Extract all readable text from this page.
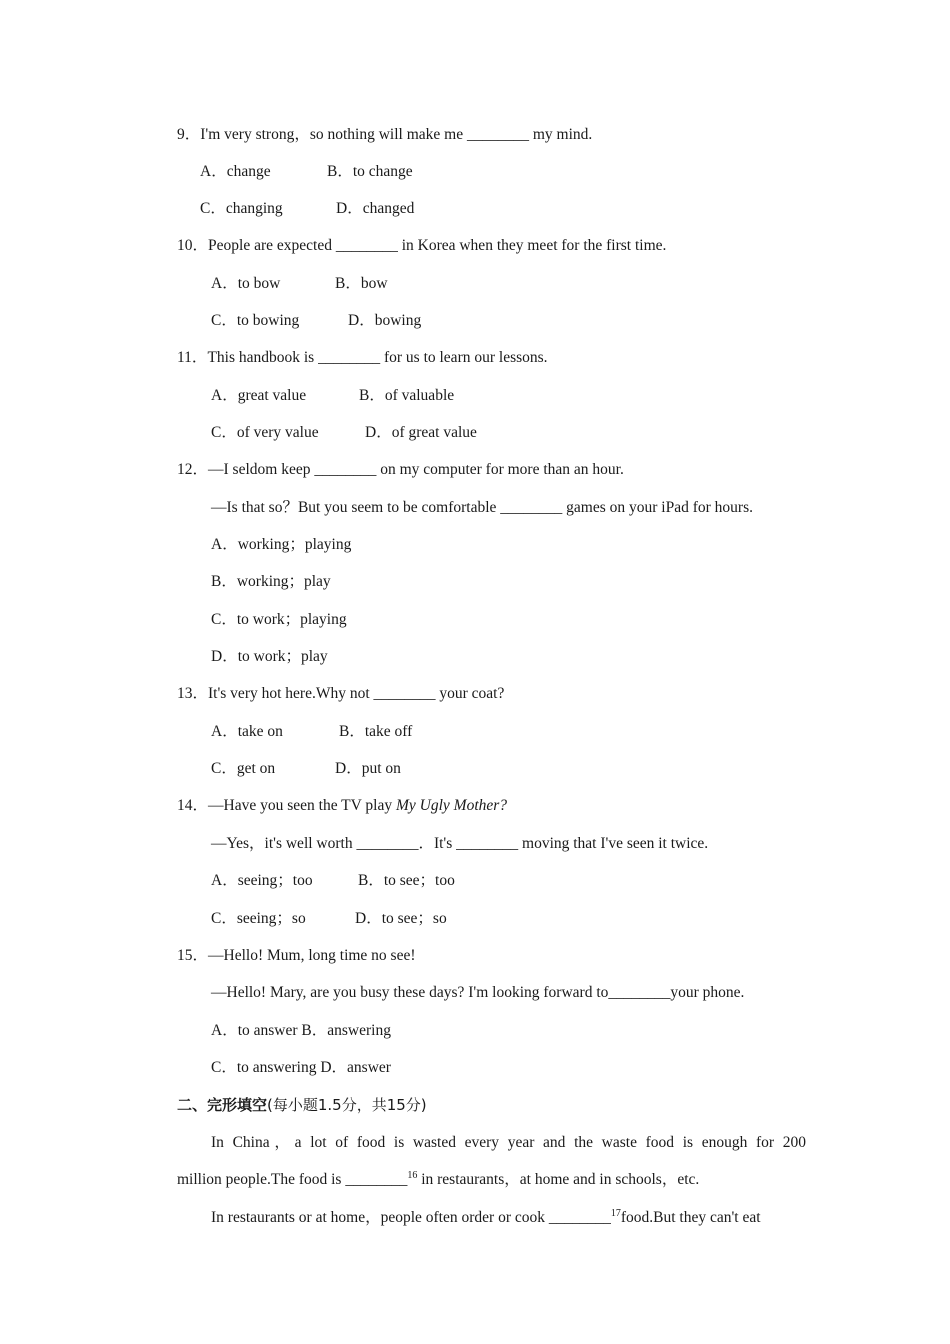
9．I'm very strong，so nothing will make me ________ my mind.
A．change	B．to change
C．changing	D．changed
10．People are expected ________ in Korea when they meet for the first time.
A．to bow	B．bow
C．to bowing	D．bowing
11．This handbook is ________ for us to learn our lessons.
A．great value	B．of valuable
C．of very value	D．of great value
12．—I seldom keep ________ on my computer for more than an hour.
—Is that so？But you seem to be comfortable ________ games on your iPad for hours.
A．working；playing
B．working；play
C．to work；playing
D．to work；play
13．It's very hot here.Why not ________ your coat?
A．take on	B．take off
C．get on	D．put on
14．—Have you seen the TV play My Ugly Mother?
—Yes，it's well worth ________．It's ________ moving that I've seen it twice.
A．seeing；too	B．to see；too
C．seeing；so	D．to see；so
15．—Hello! Mum, long time no see!
—Hello! Mary, are you busy these days? I'm looking forward to________your phone.
A．to answer B．answering
C．to answering D．answer
二、完形填空(每小题1.5分，共15分)
In China，a lot of food is wasted every year and the waste food is enough for 200
million people.The food is ________$^{16}$ in restaurants，at home and in schools，etc.
In restaurants or at home，people often order or cook ________$^{17}$food.But they can't eat
